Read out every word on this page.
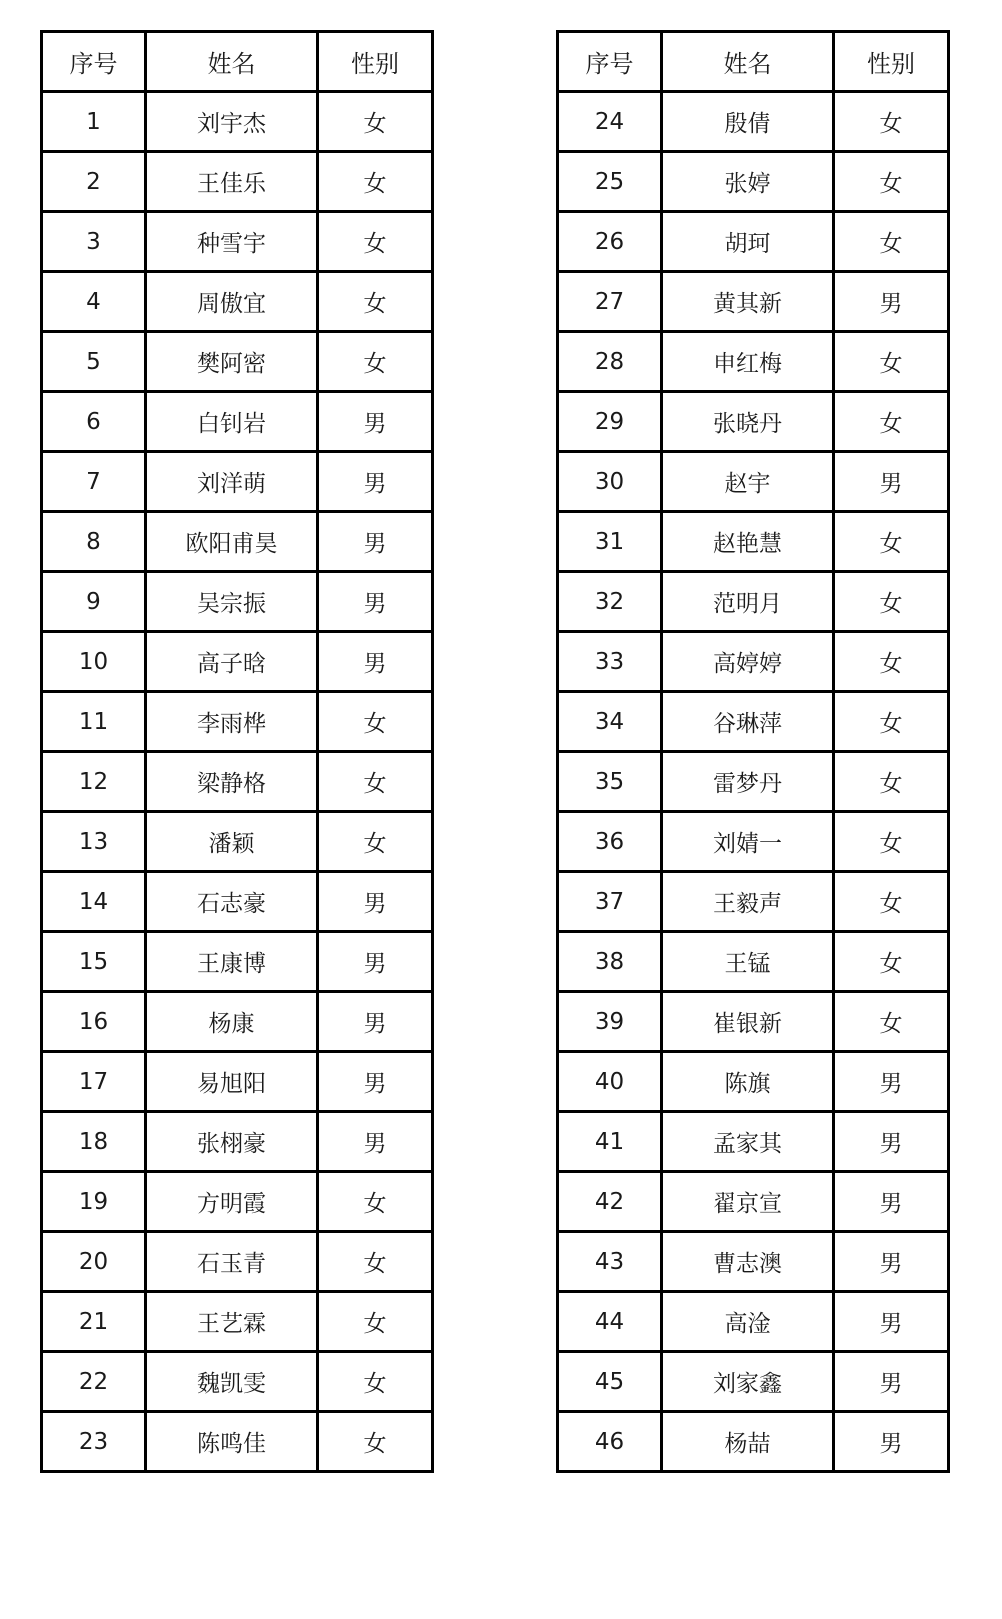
序号	姓名	性别
1	刘宇杰	女
2	王佳乐	女
3	种雪宇	女
4	周傲宜	女
5	樊阿密	女
6	白钊岩	男
7	刘洋萌	男
8	欧阳甫昊	男
9	吴宗振	男
10	高子晗	男
11	李雨桦	女
12	梁静格	女
13	潘颖	女
14	石志豪	男
15	王康博	男
16	杨康	男
17	易旭阳	男
18	张栩豪	男
19	方明霞	女
20	石玉青	女
21	王艺霖	女
22	魏凯雯	女
23	陈鸣佳	女
序号	姓名	性别
24	殷倩	女
25	张婷	女
26	胡珂	女
27	黄其新	男
28	申红梅	女
29	张晓丹	女
30	赵宇	男
31	赵艳慧	女
32	范明月	女
33	高婷婷	女
34	谷琳萍	女
35	雷梦丹	女
36	刘婧一	女
37	王毅声	女
38	王锰	女
39	崔银新	女
40	陈旗	男
41	孟家其	男
42	翟京宣	男
43	曹志澳	男
44	高淦	男
45	刘家鑫	男
46	杨喆	男
